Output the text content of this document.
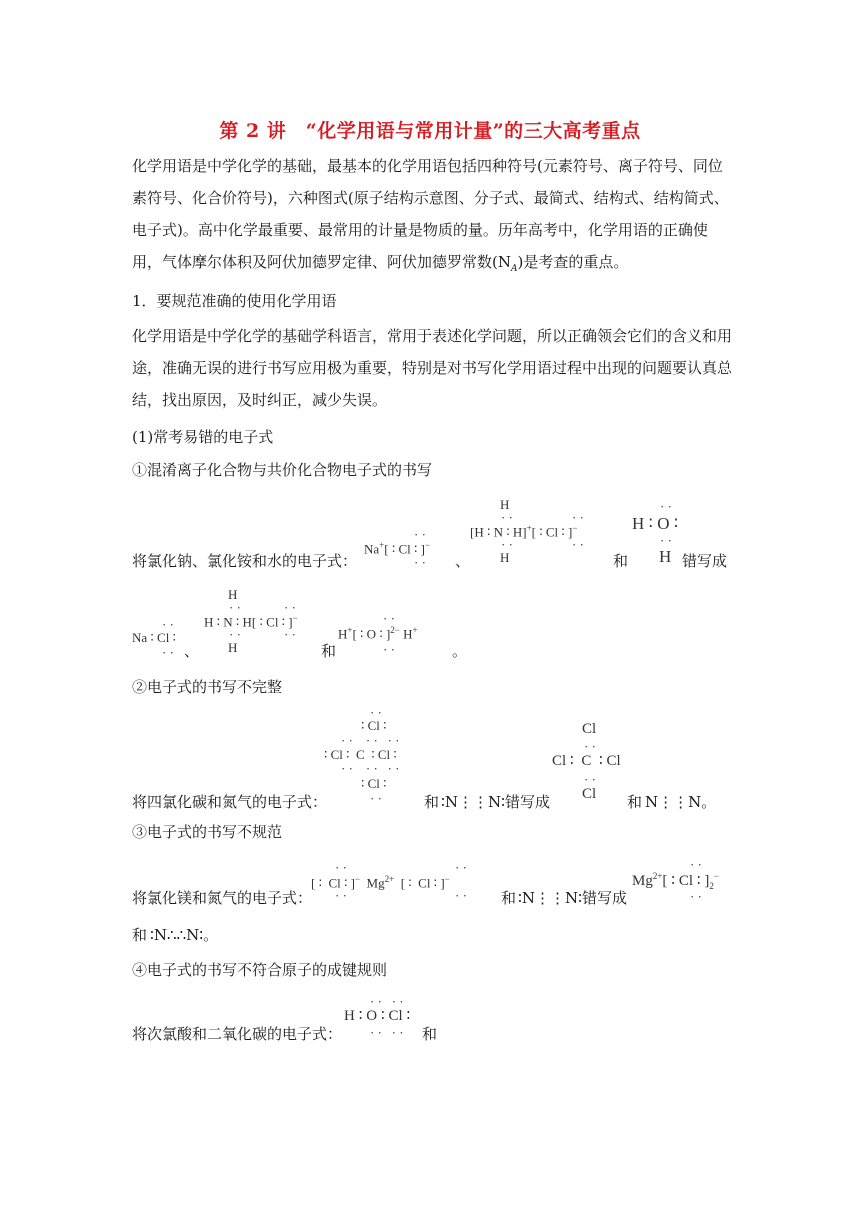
第 2 讲　“化学用语与常用计量”的三大高考重点
化学用语是中学化学的基础，最基本的化学用语包括四种符号(元素符号、离子符号、同位素符号、化合价符号)，六种图式(原子结构示意图、分子式、最简式、结构式、结构简式、电子式)。高中化学最重要、最常用的计量是物质的量。历年高考中，化学用语的正确使用，气体摩尔体积及阿伏加德罗定律、阿伏加德罗常数$(N_A)$是考查的重点。
1．要规范准确的使用化学用语
化学用语是中学化学的基础学科语言，常用于表述化学问题，所以正确领会它们的含义和用途，准确无误的进行书写应用极为重要，特别是对书写化学用语过程中出现的问题要认真总结，找出原因，及时纠正，减少失误。
(1)常考易错的电子式
①混淆离子化合物与共价化合物电子式的书写
将氯化钠、氯化铵和水的电子式：
Na+[ ∶ Cl ∶ ]−
· ·
· · 、
H
· ·
[H ∶ N ∶ H]+[ ∶ Cl ∶ ]−
· ·
· ·	· ·
H	和
· ·
H ∶ O ∶
· ·
H 错写成
· ·
Na ∶ Cl ∶
· · 、
H
· ·	· ·
H ∶ N ∶ H[ ∶ Cl ∶ ]−
· ·	· ·
H	和
· ·
H+[ ∶ O ∶ ]$^{2-}$ H+
· ·	。
②电子式的书写不完整
将四氯化碳和氮气的电子式：
· ·
∶ Cl ∶
· ·    · ·   · ·
∶ Cl ∶  C  ∶ Cl ∶
· ·    · ·   · ·
∶ Cl ∶
· ·	和 ∶N⋮⋮N∶ 错写成
Cl
· ·
Cl ∶  C  ∶ Cl
· ·
Cl 和 N⋮⋮N。
③电子式的书写不规范
将氯化镁和氮气的电子式：
· ·	· ·
[ ∶  Cl ∶ ]−  $Mg^{2+}$  [ ∶  Cl ∶ ]−
· ·	· · 和 ∶N⋮⋮N∶ 错写成
· ·
$Mg^{2+}$[ ∶ Cl ∶ ]$_2^-$
· ·
和 ∶N∴∴N∶。
④电子式的书写不符合原子的成键规则
将次氯酸和二氧化碳的电子式：
· ·   · ·
H ∶ O ∶ Cl ∶
· ·   · · 和
